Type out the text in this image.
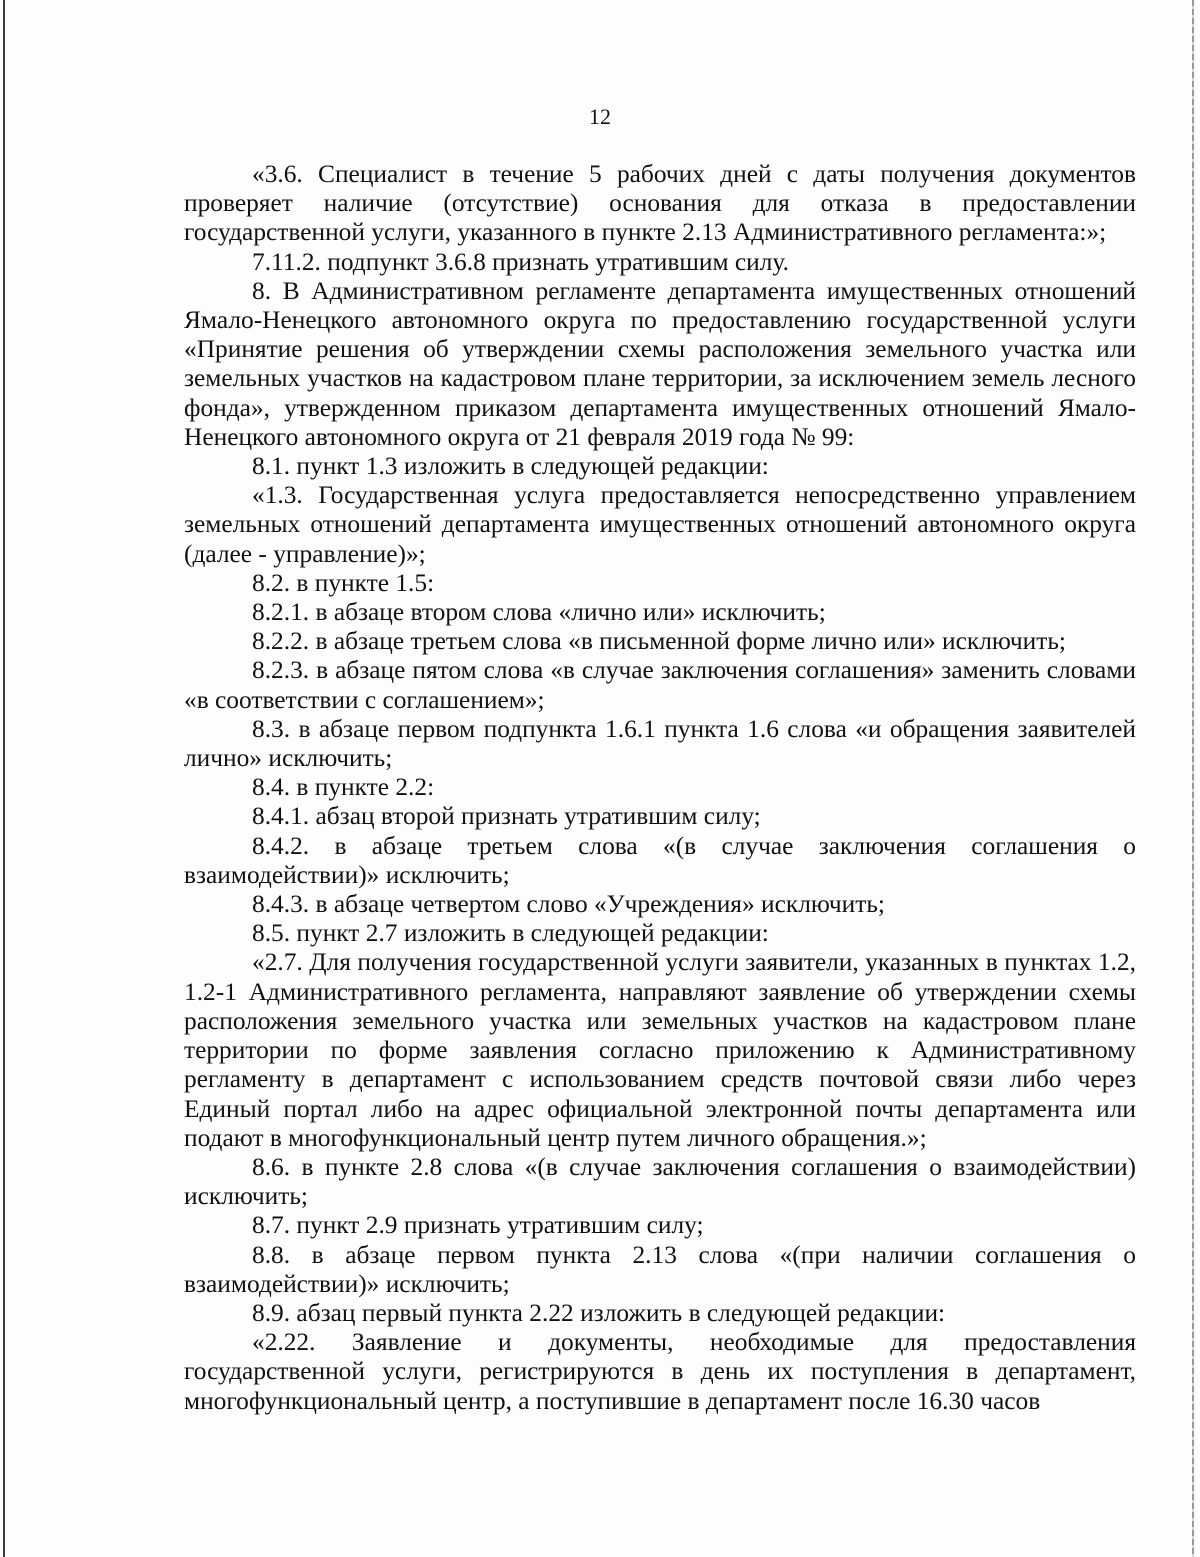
12

«3.6. Специалист в течение 5 рабочих дней с даты получения документов проверяет наличие (отсутствие) основания для отказа в предоставлении государственной услуги, указанного в пункте 2.13 Административного регламента:»;

7.11.2. подпункт 3.6.8 признать утратившим силу.

8. В Административном регламенте департамента имущественных отношений Ямало-Ненецкого автономного округа по предоставлению государственной услуги «Принятие решения об утверждении схемы расположения земельного участка или земельных участков на кадастровом плане территории, за исключением земель лесного фонда», утвержденном приказом департамента имущественных отношений Ямало-Ненецкого автономного округа от 21 февраля 2019 года № 99:

8.1. пункт 1.3 изложить в следующей редакции:

«1.3. Государственная услуга предоставляется непосредственно управлением земельных отношений департамента имущественных отношений автономного округа (далее - управление)»;

8.2. в пункте 1.5:

8.2.1. в абзаце втором слова «лично или» исключить;

8.2.2. в абзаце третьем слова «в письменной форме лично или» исключить;

8.2.3. в абзаце пятом слова «в случае заключения соглашения» заменить словами «в соответствии с соглашением»;

8.3. в абзаце первом подпункта 1.6.1 пункта 1.6 слова «и обращения заявителей лично» исключить;

8.4. в пункте 2.2:

8.4.1. абзац второй признать утратившим силу;

8.4.2. в абзаце третьем слова «(в случае заключения соглашения о взаимодействии)» исключить;

8.4.3. в абзаце четвертом слово «Учреждения» исключить;

8.5. пункт 2.7 изложить в следующей редакции:

«2.7. Для получения государственной услуги заявители, указанных в пунктах 1.2, 1.2-1 Административного регламента, направляют заявление об утверждении схемы расположения земельного участка или земельных участков на кадастровом плане территории по форме заявления согласно приложению к Административному регламенту в департамент с использованием средств почтовой связи либо через Единый портал либо на адрес официальной электронной почты департамента или подают в многофункциональный центр путем личного обращения.»;

8.6. в пункте 2.8 слова «(в случае заключения соглашения о взаимодействии) исключить;

8.7. пункт 2.9 признать утратившим силу;

8.8. в абзаце первом пункта 2.13 слова «(при наличии соглашения о взаимодействии)» исключить;

8.9. абзац первый пункта 2.22 изложить в следующей редакции:

«2.22. Заявление и документы, необходимые для предоставления государственной услуги, регистрируются в день их поступления в департамент, многофункциональный центр, а поступившие в департамент после 16.30 часов
